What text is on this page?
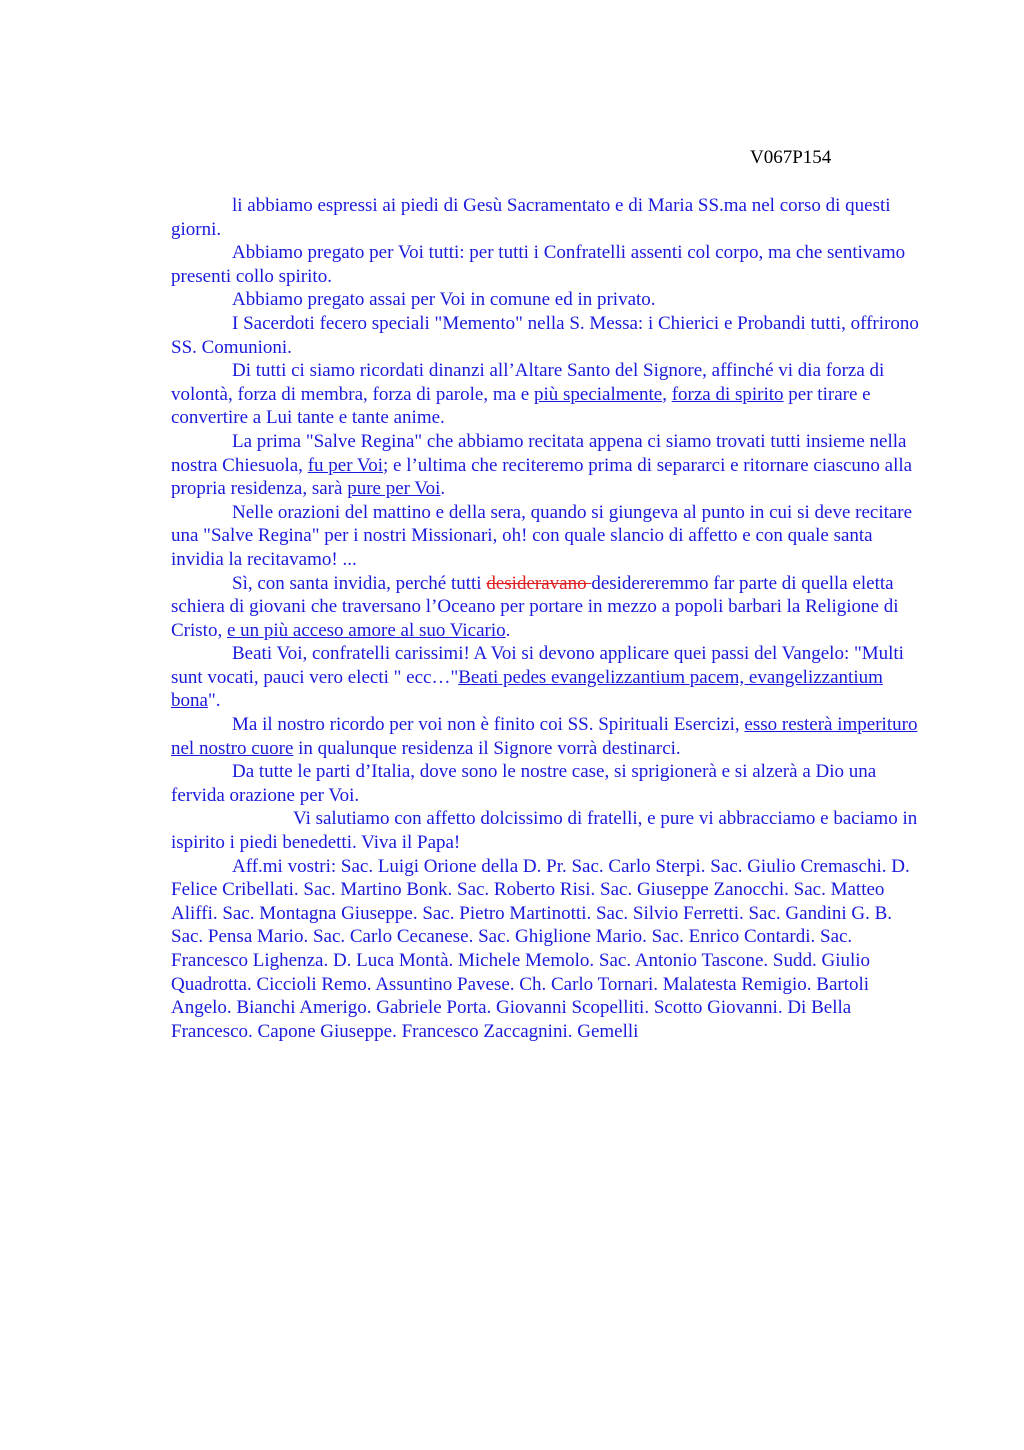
V067P154

li abbiamo espressi ai piedi di Gesù Sacramentato e di Maria SS.ma nel corso di questi giorni.

Abbiamo pregato per Voi tutti: per tutti i Confratelli assenti col corpo, ma che sentivamo presenti collo spirito.

Abbiamo pregato assai per Voi in comune ed in privato.

I Sacerdoti fecero speciali "Memento" nella S. Messa: i Chierici e Probandi tutti, offrirono SS. Comunioni.

Di tutti ci siamo ricordati dinanzi all’Altare Santo del Signore, affinché vi dia forza di volontà, forza di membra, forza di parole, ma e più specialmente, forza di spirito per tirare e convertire a Lui tante e tante anime.

La prima "Salve Regina" che abbiamo recitata appena ci siamo trovati tutti insieme nella nostra Chiesuola, fu per Voi; e l’ultima che reciteremo prima di separarci e ritornare ciascuno alla propria residenza, sarà pure per Voi.

Nelle orazioni del mattino e della sera, quando si giungeva al punto in cui si deve recitare una "Salve Regina" per i nostri Missionari, oh! con quale slancio di affetto e con quale santa invidia la recitavamo! ...

Sì, con santa invidia, perché tutti desideravano desidereremmo far parte di quella eletta schiera di giovani che traversano l’Oceano per portare in mezzo a popoli barbari la Religione di Cristo, e un più acceso amore al suo Vicario.

Beati Voi, confratelli carissimi! A Voi si devono applicare quei passi del Vangelo: "Multi sunt vocati, pauci vero electi " ecc…"Beati pedes evangelizzantium pacem, evangelizzantium bona".

Ma il nostro ricordo per voi non è finito coi SS. Spirituali Esercizi, esso resterà imperituro nel nostro cuore in qualunque residenza il Signore vorrà destinarci.

Da tutte le parti d’Italia, dove sono le nostre case, si sprigionerà e si alzerà a Dio una fervida orazione per Voi.

Vi salutiamo con affetto dolcissimo di fratelli, e pure vi abbracciamo e baciamo in ispirito i piedi benedetti. Viva il Papa!

Aff.mi vostri: Sac. Luigi Orione della D. Pr. Sac. Carlo Sterpi. Sac. Giulio Cremaschi. D. Felice Cribellati. Sac. Martino Bonk. Sac. Roberto Risi. Sac. Giuseppe Zanocchi. Sac. Matteo Aliffi. Sac. Montagna Giuseppe. Sac. Pietro Martinotti. Sac. Silvio Ferretti. Sac. Gandini G. B. Sac. Pensa Mario. Sac. Carlo Cecanese. Sac. Ghiglione Mario. Sac. Enrico Contardi. Sac. Francesco Lighenza. D. Luca Montà. Michele Memolo. Sac. Antonio Tascone. Sudd. Giulio Quadrotta. Ciccioli Remo. Assuntino Pavese. Ch. Carlo Tornari. Malatesta Remigio. Bartoli Angelo. Bianchi Amerigo. Gabriele Porta. Giovanni Scopelliti. Scotto Giovanni. Di Bella Francesco. Capone Giuseppe. Francesco Zaccagnini. Gemelli
